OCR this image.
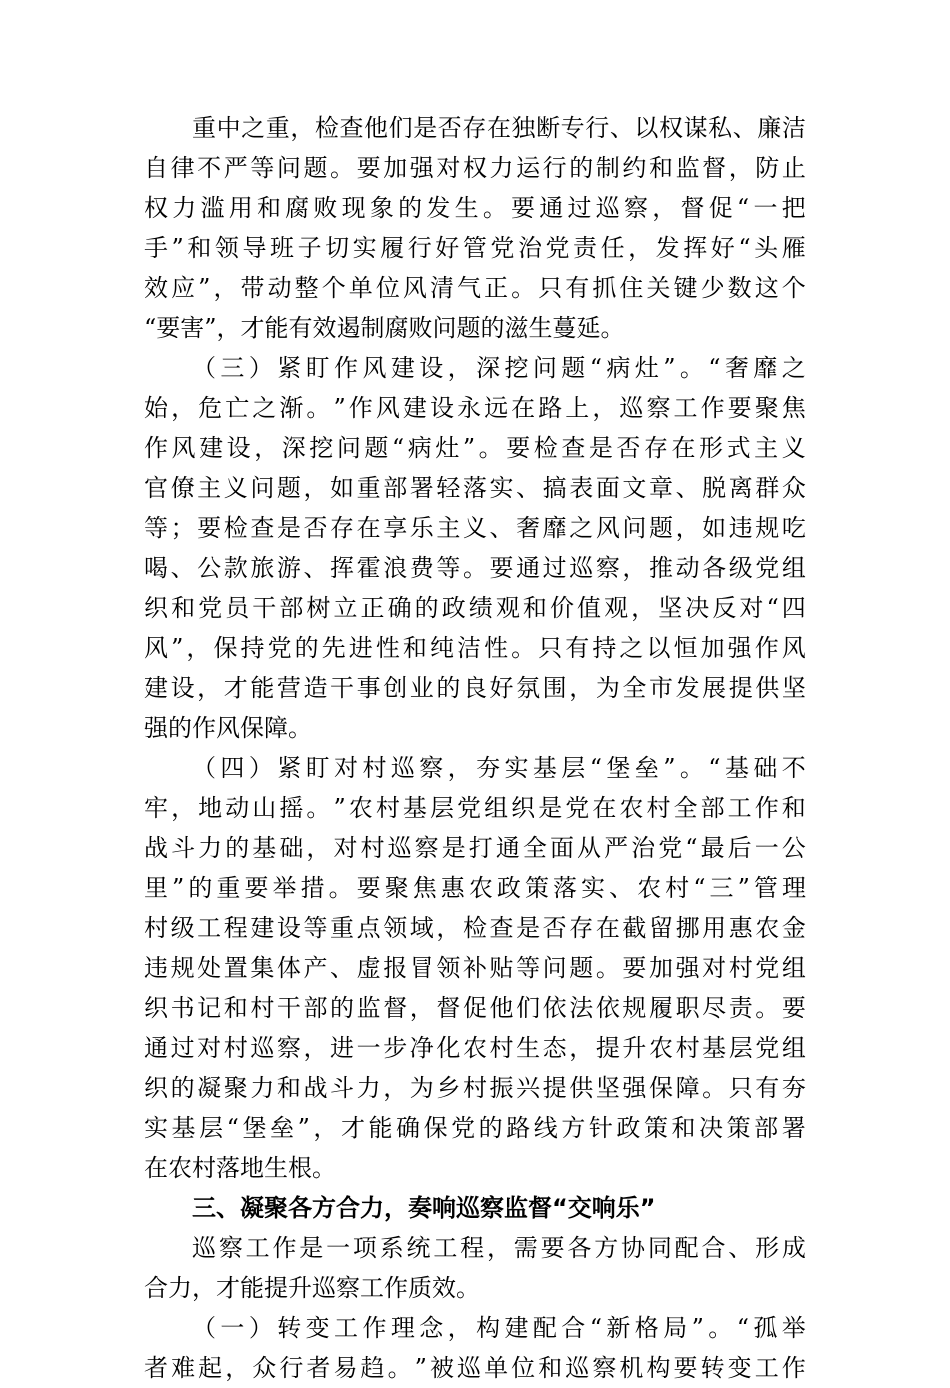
重 中 之 重 ， 检 查 他 们 是 否 存 在 独 断 专 行 、 以 权 谋 私 、 廉 洁
自 律 不 严 等 问 题 。 要 加 强 对 权 力 运 行 的 制 约 和 监 督 ， 防 止
权 力 滥 用 和 腐 败 现 象 的 发 生 。 要 通 过 巡 察 ， 督 促 “ 一 把
手 ” 和 领 导 班 子 切 实 履 行 好 管 党 治 党 责 任 ， 发 挥 好 “ 头 雁
效 应 ” ， 带 动 整 个 单 位 风 清 气 正 。 只 有 抓 住 关 键 少 数 这 个
“要害”，才能有效遏制腐败问题的滋生蔓延。
（ 三 ） 紧 盯 作 风 建 设 ， 深 挖 问 题 “ 病 灶 ” 。 “ 奢 靡 之
始 ， 危 亡 之 渐 。 ” 作 风 建 设 永 远 在 路 上 ， 巡 察 工 作 要 聚 焦
作 风 建 设 ， 深 挖 问 题 “ 病 灶 ” 。 要 检 查 是 否 存 在 形 式 主 义
官 僚 主 义 问 题 ， 如 重 部 署 轻 落 实 、 搞 表 面 文 章 、 脱 离 群 众
等 ； 要 检 查 是 否 存 在 享 乐 主 义 、 奢 靡 之 风 问 题 ， 如 违 规 吃
喝 、 公 款 旅 游 、 挥 霍 浪 费 等 。 要 通 过 巡 察 ， 推 动 各 级 党 组
织 和 党 员 干 部 树 立 正 确 的 政 绩 观 和 价 值 观 ， 坚 决 反 对 “ 四
风 ” ， 保 持 党 的 先 进 性 和 纯 洁 性 。 只 有 持 之 以 恒 加 强 作 风
建 设 ， 才 能 营 造 干 事 创 业 的 良 好 氛 围 ， 为 全 市 发 展 提 供 坚
强的作风保障。
（ 四 ） 紧 盯 对 村 巡 察 ， 夯 实 基 层 “ 堡 垒 ” 。 “ 基 础 不
牢 ， 地 动 山 摇 。 ” 农 村 基 层 党 组 织 是 党 在 农 村 全 部 工 作 和
战 斗 力 的 基 础 ， 对 村 巡 察 是 打 通 全 面 从 严 治 党 “ 最 后 一 公
里 ” 的 重 要 举 措 。 要 聚 焦 惠 农 政 策 落 实 、 农 村 “ 三 ” 管 理
村 级 工 程 建 设 等 重 点 领 域 ， 检 查 是 否 存 在 截 留 挪 用 惠 农 金
违 规 处 置 集 体 产 、 虚 报 冒 领 补 贴 等 问 题 。 要 加 强 对 村 党 组
织 书 记 和 村 干 部 的 监 督 ， 督 促 他 们 依 法 依 规 履 职 尽 责 。 要
通 过 对 村 巡 察 ， 进 一 步 净 化 农 村 生 态 ， 提 升 农 村 基 层 党 组
织 的 凝 聚 力 和 战 斗 力 ， 为 乡 村 振 兴 提 供 坚 强 保 障 。 只 有 夯
实 基 层 “ 堡 垒 ” ， 才 能 确 保 党 的 路 线 方 针 政 策 和 决 策 部 署
在农村落地生根。
三、凝聚各方合力，奏响巡察监督“交响乐”
巡 察 工 作 是 一 项 系 统 工 程 ， 需 要 各 方 协 同 配 合 、 形 成
合力，才能提升巡察工作质效。
（ 一 ） 转 变 工 作 理 念 ， 构 建 配 合 “ 新 格 局 ” 。 “ 孤 举
者 难 起 ， 众 行 者 易 趋 。 ” 被 巡 单 位 和 巡 察 机 构 要 转 变 工 作
